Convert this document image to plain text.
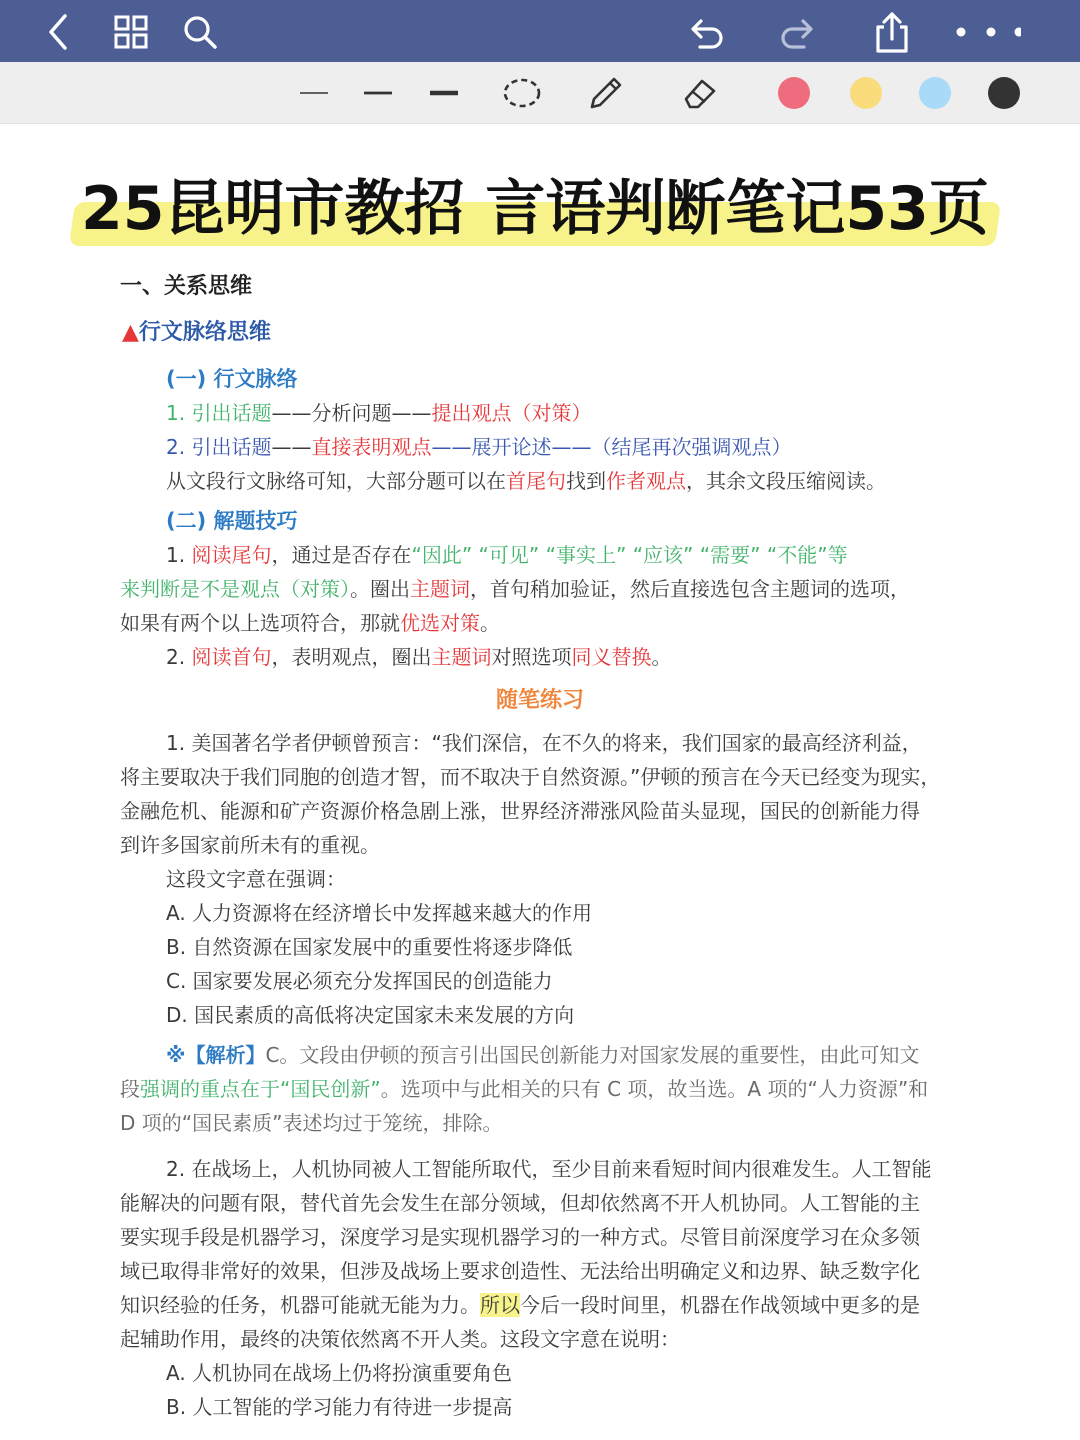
25昆明市教招 言语判断笔记53页
一、关系思维
▲行文脉络思维
(一) 行文脉络
1. 引出话题——分析问题——提出观点（对策）
2. 引出话题——直接表明观点——展开论述——（结尾再次强调观点）
从文段行文脉络可知，大部分题可以在首尾句找到作者观点，其余文段压缩阅读。
(二) 解题技巧
1. 阅读尾句，通过是否存在“因此” “可见” “事实上” “应该” “需要” “不能”等
来判断是不是观点（对策）。圈出主题词，首句稍加验证，然后直接选包含主题词的选项，
如果有两个以上选项符合，那就优选对策。
2. 阅读首句，表明观点，圈出主题词对照选项同义替换。
随笔练习
1. 美国著名学者伊顿曾预言：“我们深信，在不久的将来，我们国家的最高经济利益，
将主要取决于我们同胞的创造才智，而不取决于自然资源。”伊顿的预言在今天已经变为现实，
金融危机、能源和矿产资源价格急剧上涨，世界经济滞涨风险苗头显现，国民的创新能力得
到许多国家前所未有的重视。
这段文字意在强调：
A. 人力资源将在经济增长中发挥越来越大的作用
B. 自然资源在国家发展中的重要性将逐步降低
C. 国家要发展必须充分发挥国民的创造能力
D. 国民素质的高低将决定国家未来发展的方向
※【解析】C。文段由伊顿的预言引出国民创新能力对国家发展的重要性，由此可知文
段强调的重点在于“国民创新”。选项中与此相关的只有 C 项，故当选。A 项的“人力资源”和
D 项的“国民素质”表述均过于笼统，排除。
2. 在战场上，人机协同被人工智能所取代，至少目前来看短时间内很难发生。人工智能
能解决的问题有限，替代首先会发生在部分领域，但却依然离不开人机协同。人工智能的主
要实现手段是机器学习，深度学习是实现机器学习的一种方式。尽管目前深度学习在众多领
域已取得非常好的效果，但涉及战场上要求创造性、无法给出明确定义和边界、缺乏数字化
知识经验的任务，机器可能就无能为力。所以今后一段时间里，机器在作战领域中更多的是
起辅助作用，最终的决策依然离不开人类。这段文字意在说明：
A. 人机协同在战场上仍将扮演重要角色
B. 人工智能的学习能力有待进一步提高
